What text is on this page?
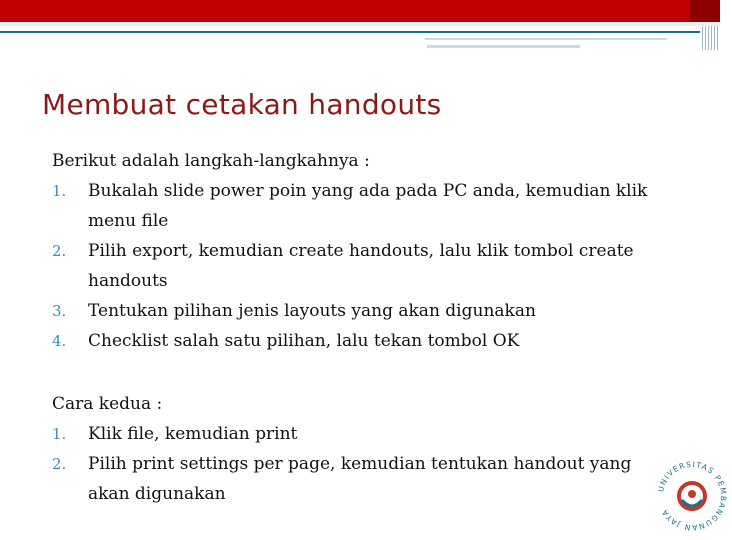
Membuat cetakan handouts

Berikut adalah langkah-langkahnya :

1. Bukalah slide power poin yang ada pada PC anda, kemudian klik menu file
2. Pilih export, kemudian create handouts, lalu klik tombol create handouts
3. Tentukan pilihan jenis layouts yang akan digunakan
4. Checklist salah satu pilihan, lalu tekan tombol OK

Cara kedua :

1. Klik file, kemudian print
2. Pilih print settings per page, kemudian tentukan handout yang akan digunakan	UNIVERSITAS PEMBANGUNAN JAYA
